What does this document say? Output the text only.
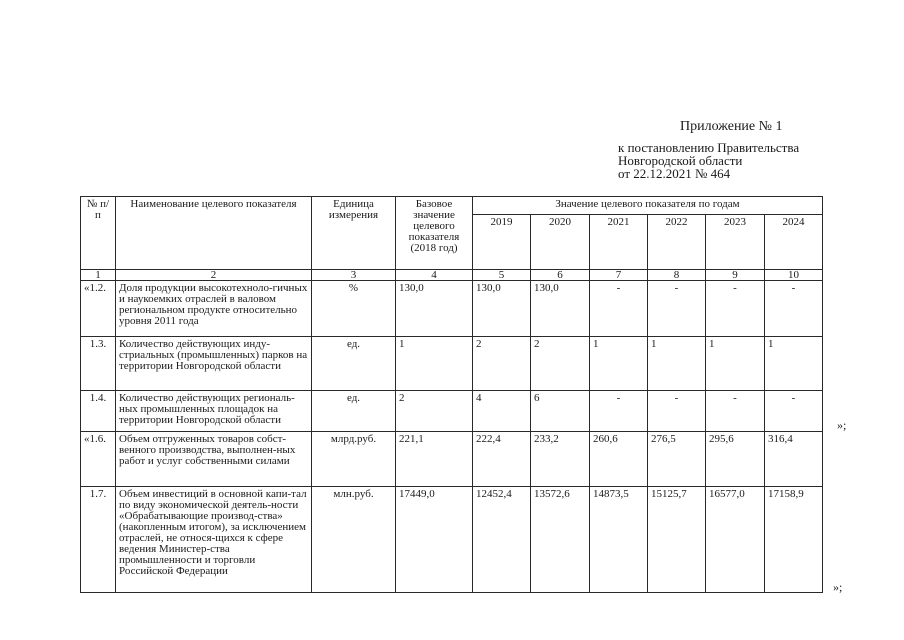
Приложение № 1
к постановлению Правительства
Новгородской области
от 22.12.2021 № 464
№ п/п	Наименование целевого показателя	Единица измерения	Базовое значение целевого показателя (2018 год)	Значение целевого показателя по годам					
				2019	2020	2021	2022	2023	2024
1	2	3	4	5	6	7	8	9	10
«1.2.	Доля продукции высокотехноло-гичных и наукоемких отраслей в валовом региональном продукте относительно уровня 2011 года	%	130,0	130,0	130,0	-	-	-	-
1.3.	Количество действующих инду-стриальных (промышленных) парков на территории Новгородской области	ед.	1	2	2	1	1	1	1
1.4.	Количество действующих региональ-ных промышленных площадок на территории Новгородской области	ед.	2	4	6	-	-	-	-
«1.6.	Объем отгруженных товаров собст-венного производства, выполнен-ных работ и услуг собственными силами	млрд.руб.	221,1	222,4	233,2	260,6	276,5	295,6	316,4
1.7.	Объем инвестиций в основной капи-тал по виду экономической деятель-ности «Обрабатывающие производ-ства» (накопленным итогом), за исключением отраслей, не относя-щихся к сфере ведения Министер-ства промышленности и торговли Российской Федерации	млн.руб.	17449,0	12452,4	13572,6	14873,5	15125,7	16577,0	17158,9
»;
»;
